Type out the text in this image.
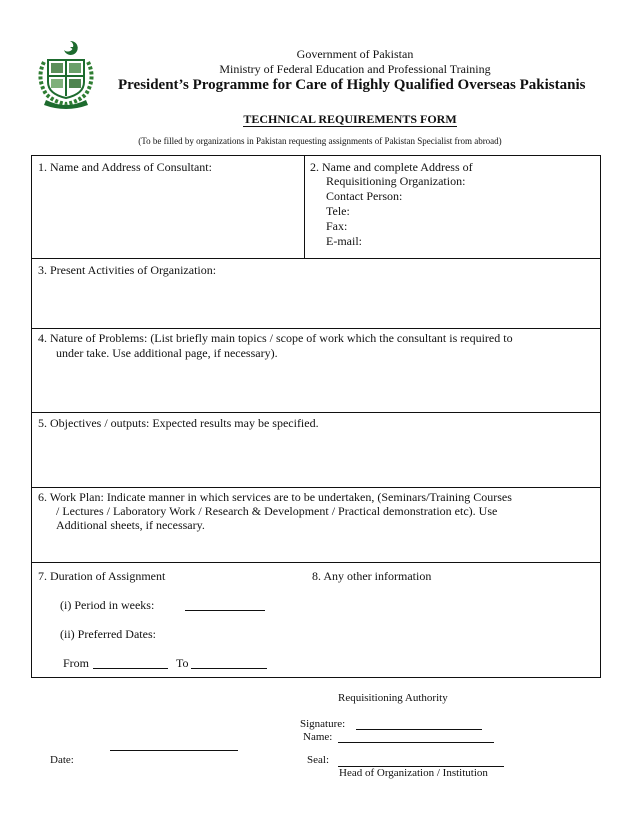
Government of Pakistan
Ministry of Federal Education and Professional Training
President’s Programme for Care of Highly Qualified Overseas Pakistanis
TECHNICAL REQUIREMENTS FORM
(To be filled by organizations in Pakistan requesting assignments of Pakistan Specialist from abroad)
1. Name and Address of Consultant:	2. Name and complete Address of
Requisitioning Organization:
Contact Person:
Tele:
Fax:
E-mail:
3. Present Activities of Organization:
4. Nature of Problems: (List briefly main topics / scope of work which the consultant is required to
under take. Use additional page, if necessary).
5. Objectives / outputs: Expected results may be specified.
6. Work Plan: Indicate manner in which services are to be undertaken, (Seminars/Training Courses
/ Lectures / Laboratory Work / Research & Development / Practical demonstration etc). Use
Additional sheets, if necessary.
7. Duration of Assignment	8. Any other information
(i) Period in weeks:
(ii) Preferred Dates:
From	To
Requisitioning Authority
Signature:
Name:
Date:	Seal:
Head of Organization / Institution
